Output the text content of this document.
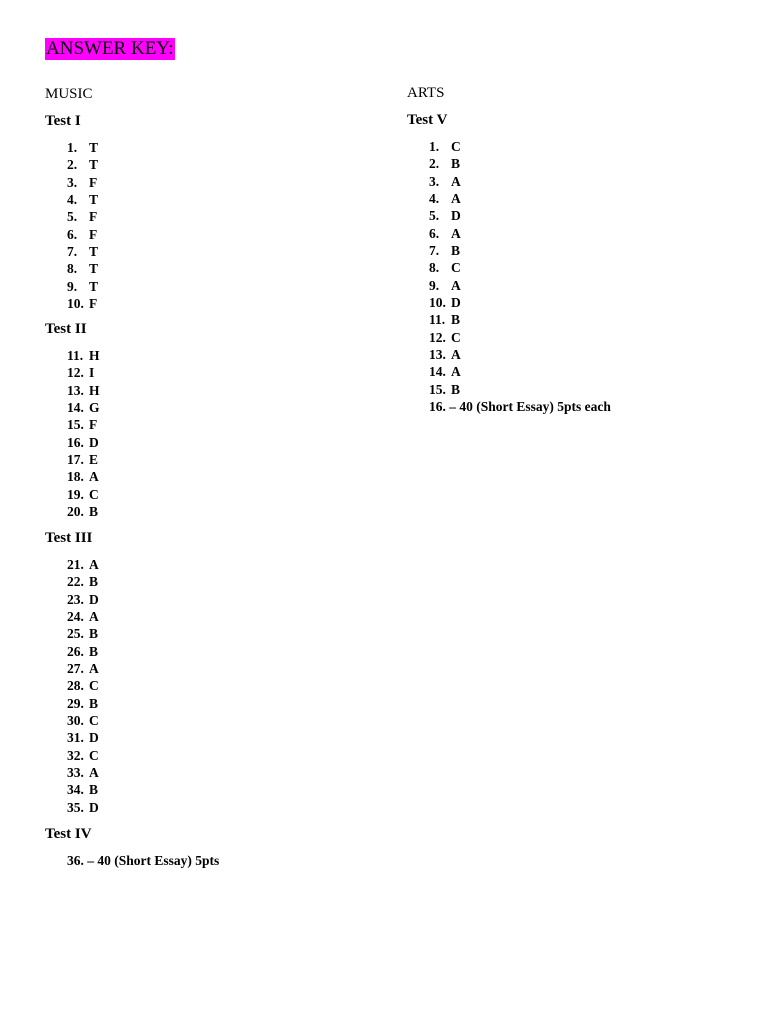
ANSWER KEY:
MUSIC
Test I
1. T
2. T
3. F
4. T
5. F
6. F
7. T
8. T
9. T
10. F
Test II
11. H
12. I
13. H
14. G
15. F
16. D
17. E
18. A
19. C
20. B
Test III
21. A
22. B
23. D
24. A
25. B
26. B
27. A
28. C
29. B
30. C
31. D
32. C
33. A
34. B
35. D
Test IV
36. – 40 (Short Essay) 5pts
ARTS
Test V
1. C
2. B
3. A
4. A
5. D
6. A
7. B
8. C
9. A
10. D
11. B
12. C
13. A
14. A
15. B
16. – 40 (Short Essay) 5pts each
